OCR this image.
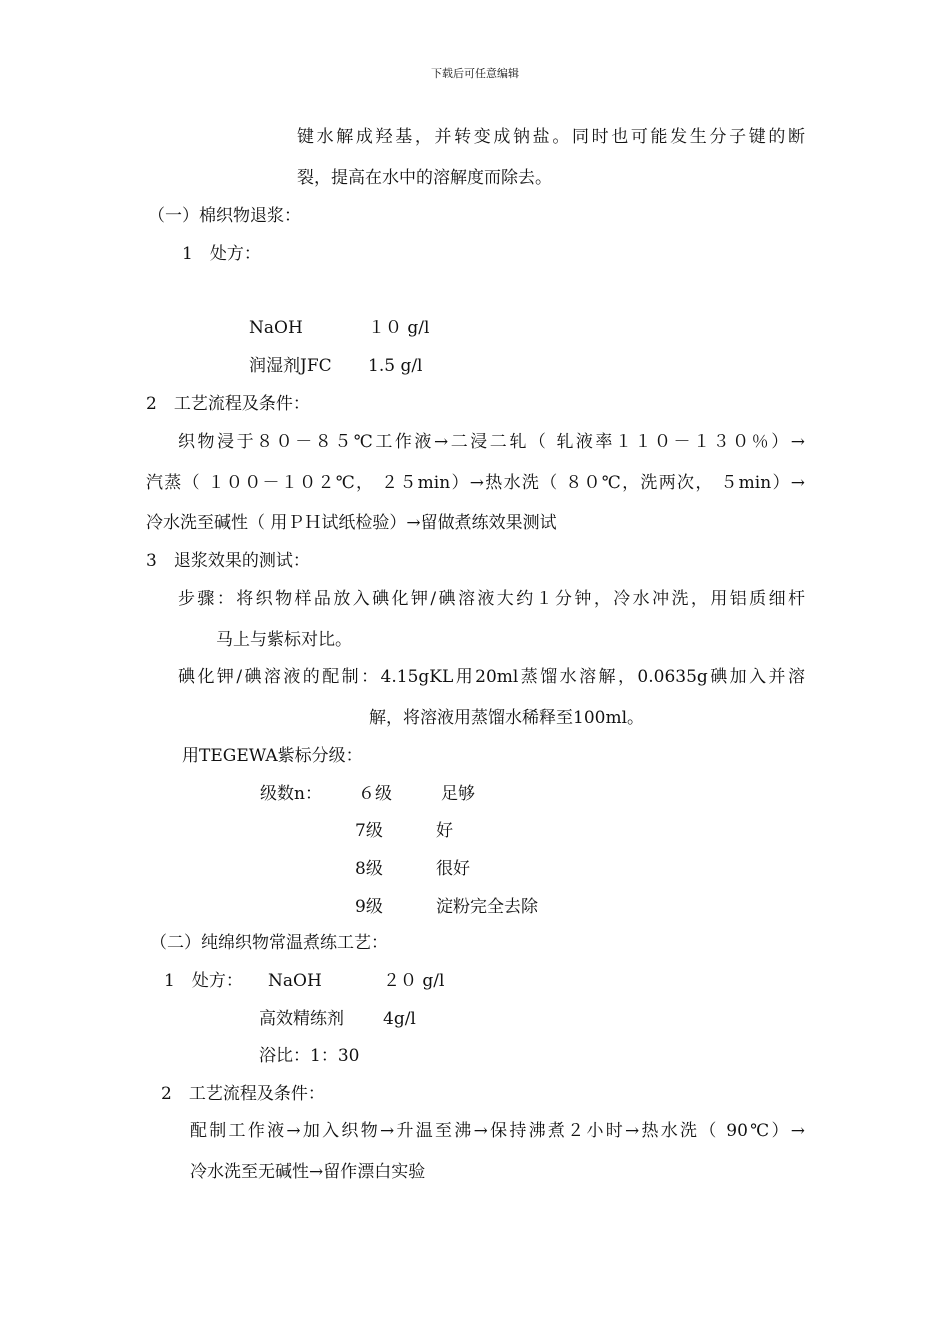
下载后可任意编辑
键水解成羟基，并转变成钠盐。同时也可能发生分子键的断
裂，提高在水中的溶解度而除去。
（一）棉织物退浆：
1　处方：
NaOH	１０ g/l
润湿剂JFC 1.5 g/l
2　工艺流程及条件：
织物浸于８０－８５℃工作液→二浸二轧（ 轧液率１１０－１３０％）→
汽蒸（ １００－１０２℃， ２５min）→热水洗（ ８０℃，洗两次， ５min）→
冷水洗至碱性（ 用ＰＨ试纸检验）→留做煮练效果测试
3　退浆效果的测试：
步骤：将织物样品放入碘化钾/碘溶液大约１分钟，冷水冲洗，用铝质细杆
马上与紫标对比。
碘化钾/碘溶液的配制：4.15gKL用20ml蒸馏水溶解，0.0635g碘加入并溶
解，将溶液用蒸馏水稀释至100ml。
用TEGEWA紫标分级：
级数n： ６级	足够
7级	好
8级	很好
9级	淀粉完全去除
（二）纯绵织物常温煮练工艺：
1　处方： NaOH	２０ g/l
高效精练剂 4g/l
浴比：1：30
2　工艺流程及条件：
配制工作液→加入织物→升温至沸→保持沸煮２小时→热水洗（ 90℃）→
冷水洗至无碱性→留作漂白实验
